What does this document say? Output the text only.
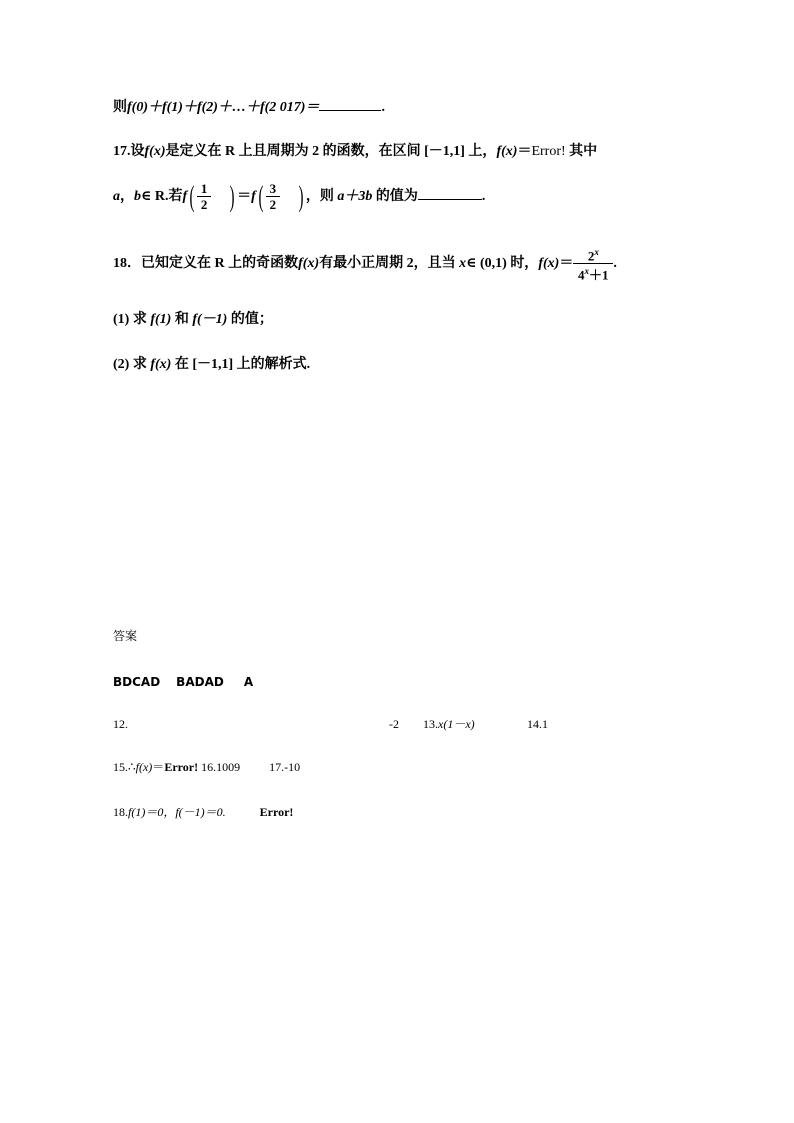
则f(0)＋f(1)＋f(2)＋…＋f(2 017)＝	.
17.设f(x)是定义在 R 上且周期为 2 的函数，在区间 [－1,1] 上，f(x)＝Error! 其中
a，b∈ R.若$f( \frac{1}{2}$ ) $=f( \frac{3}{2}$ ) ，则 a＋3b 的值为	.
18．已知定义在 R 上的奇函数f(x)有最小正周期 2，且当 x∈ (0,1) 时，$f(x)= \frac{2^x}{4^x+1}$ .
(1) 求 f(1) 和 f(－1) 的值；
(2) 求 f(x) 在 [－1,1] 上的解析式.
答案
BDCAD BADAD A
12.	-2 13.x(1－x)	14.1
15.∴f(x)＝Error! 16.1009 17.-10
18.f(1)＝0，f(－1)＝0.	Error!
